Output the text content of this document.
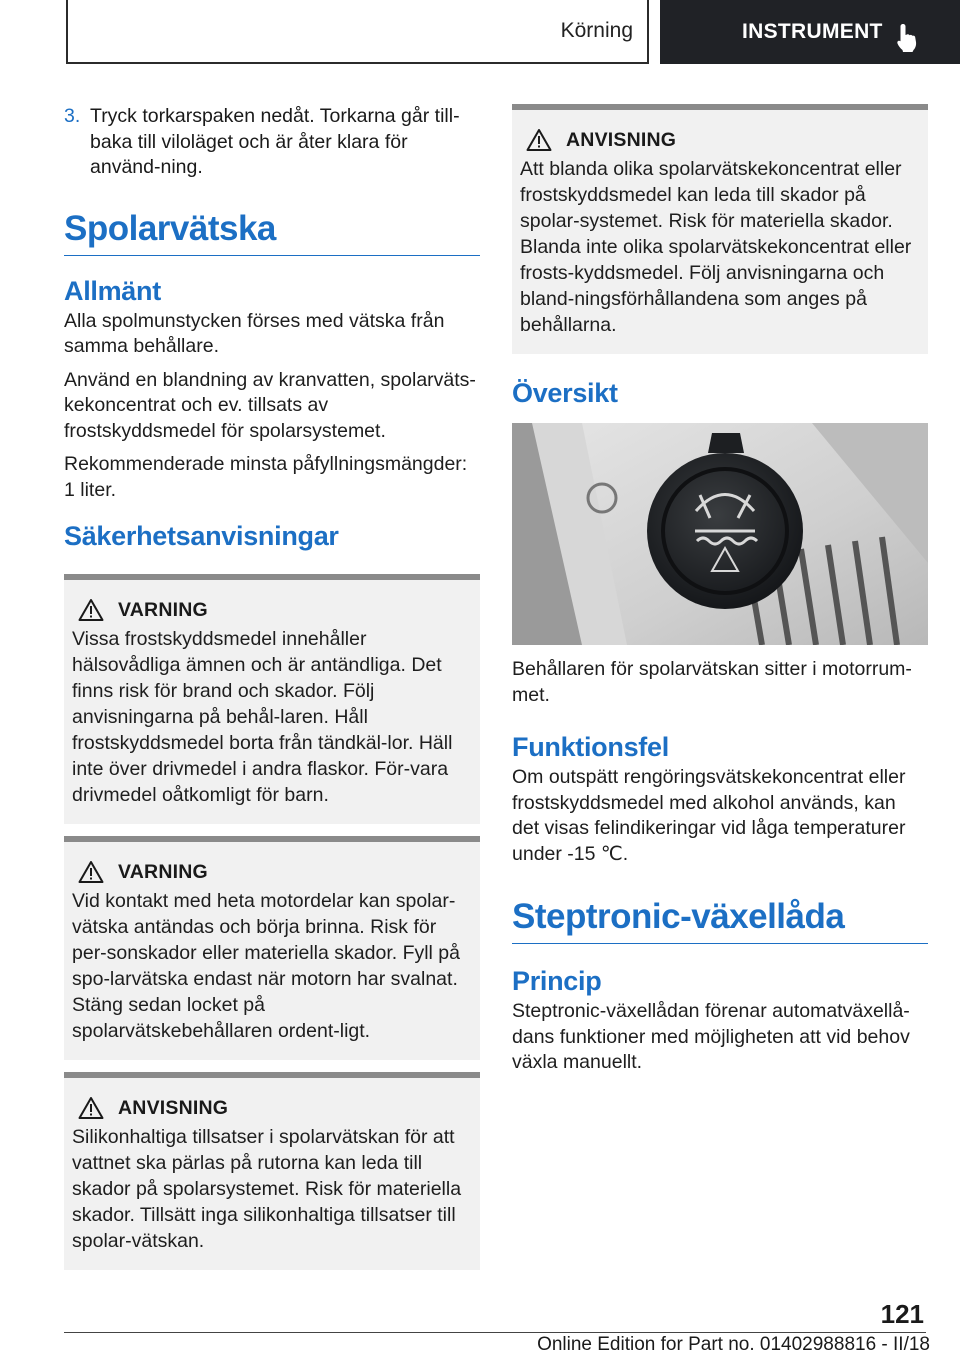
Körning	INSTRUMENT
3. Tryck torkarspaken nedåt. Torkarna går till-baka till viloläget och är åter klara för använd-ning.
Spolarvätska
Allmänt

Alla spolmunstycken förses med vätska från samma behållare.

Använd en blandning av kranvatten, spolarväts-kekoncentrat och ev. tillsats av frostskyddsmedel för spolarsystemet.

Rekommenderade minsta påfyllningsmängder: 1 liter.

Säkerhetsanvisningar
VARNING

Vissa frostskyddsmedel innehåller hälsovådliga ämnen och är antändliga. Det finns risk för brand och skador. Följ anvisningarna på behål-laren. Håll frostskyddsmedel borta från tändkäl-lor. Häll inte över drivmedel i andra flaskor. För-vara drivmedel oåtkomligt för barn.

VARNING

Vid kontakt med heta motordelar kan spolar-vätska antändas och börja brinna. Risk för per-sonskador eller materiella skador. Fyll på spo-larvätska endast när motorn har svalnat. Stäng sedan locket på spolarvätskebehållaren ordent-ligt.

ANVISNING

Silikonhaltiga tillsatser i spolarvätskan för att vattnet ska pärlas på rutorna kan leda till skador på spolarsystemet. Risk för materiella skador. Tillsätt inga silikonhaltiga tillsatser till spolar-vätskan.

ANVISNING

Att blanda olika spolarvätskekoncentrat eller frostskyddsmedel kan leda till skador på spolar-systemet. Risk för materiella skador. Blanda inte olika spolarvätskekoncentrat eller frosts-kyddsmedel. Följ anvisningarna och bland-ningsförhållandena som anges på behållarna.

Översikt

Behållaren för spolarvätskan sitter i motorrum-met.

Funktionsfel

Om outspätt rengöringsvätskekoncentrat eller frostskyddsmedel med alkohol används, kan det visas felindikeringar vid låga temperaturer under -15 ℃.

Steptronic-växellåda
Princip

Steptronic-växellådan förenar automatväxellå-dans funktioner med möjligheten att vid behov växla manuellt.

121
Online Edition for Part no. 01402988816 - II/18
